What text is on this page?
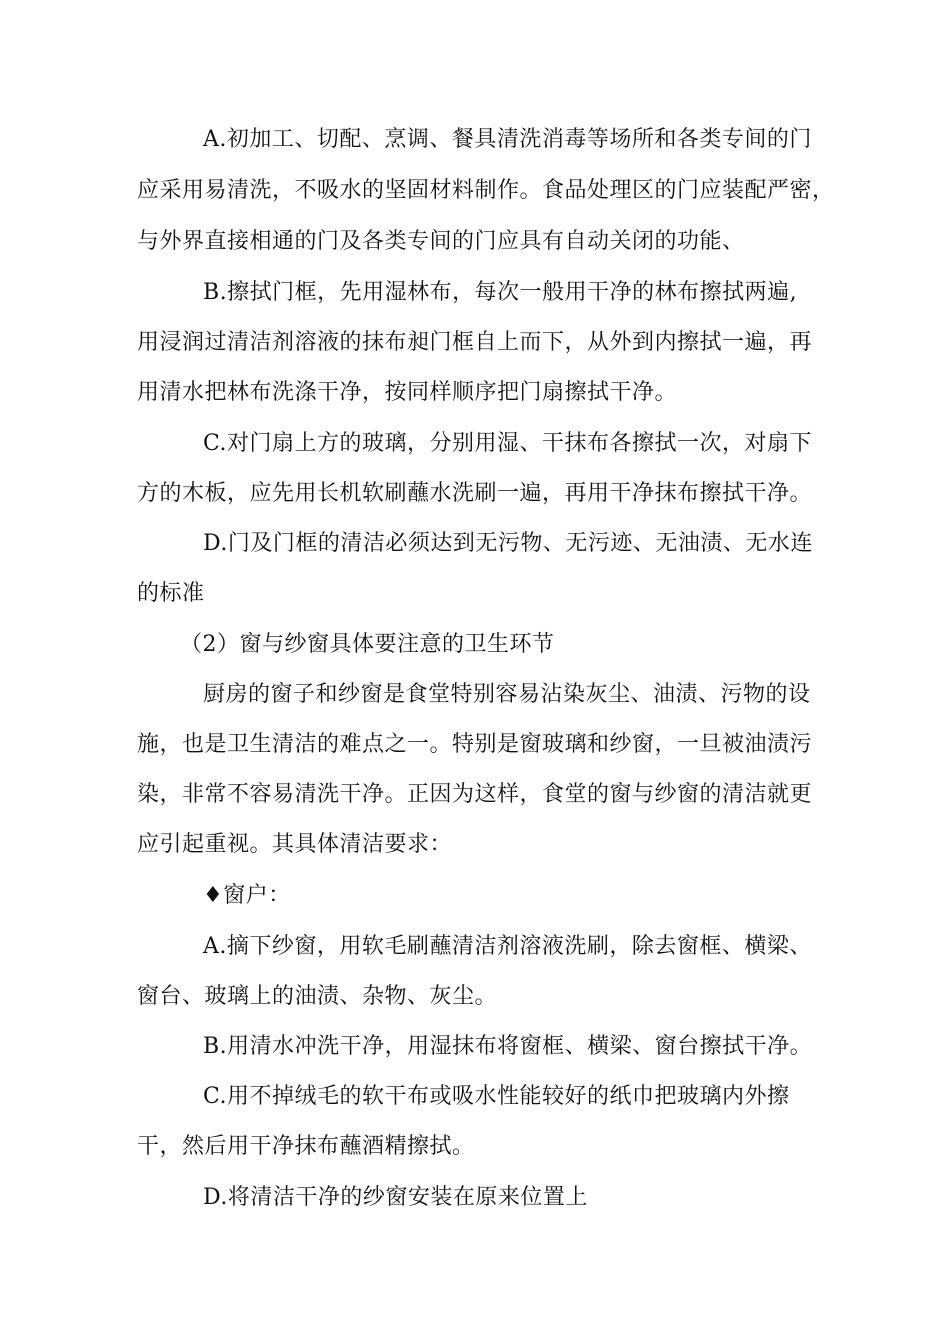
A.初加工、切配、烹调、餐具清洗消毒等场所和各类专间的门
应采用易清洗，不吸水的坚固材料制作。食品处理区的门应装配严密，
与外界直接相通的门及各类专间的门应具有自动关闭的功能、
B.擦拭门框，先用湿林布，每次一般用干净的林布擦拭两遍,
用浸润过清洁剂溶液的抹布昶门框自上而下，从外到内擦拭一遍，再
用清水把林布洗涤干净，按同样顺序把门扇擦拭干净。
C.对门扇上方的玻璃，分别用湿、干抹布各擦拭一次，对扇下
方的木板，应先用长机软刷蘸水洗刷一遍，再用干净抹布擦拭干净。
D.门及门框的清洁必须达到无污物、无污迹、无油渍、无水连
的标准
（2）窗与纱窗具体要注意的卫生环节
厨房的窗子和纱窗是食堂特别容易沾染灰尘、油渍、污物的设
施，也是卫生清洁的难点之一。特别是窗玻璃和纱窗，一旦被油渍污
染，非常不容易清洗干净。正因为这样，食堂的窗与纱窗的清洁就更
应引起重视。其具体清洁要求：
♦窗户：
A.摘下纱窗，用软毛刷蘸清洁剂溶液洗刷，除去窗框、横梁、
窗台、玻璃上的油渍、杂物、灰尘。
B.用清水冲洗干净，用湿抹布将窗框、横梁、窗台擦拭干净。
C.用不掉绒毛的软干布或吸水性能较好的纸巾把玻璃内外擦
干，然后用干净抹布蘸酒精擦拭。
D.将清洁干净的纱窗安装在原来位置上
